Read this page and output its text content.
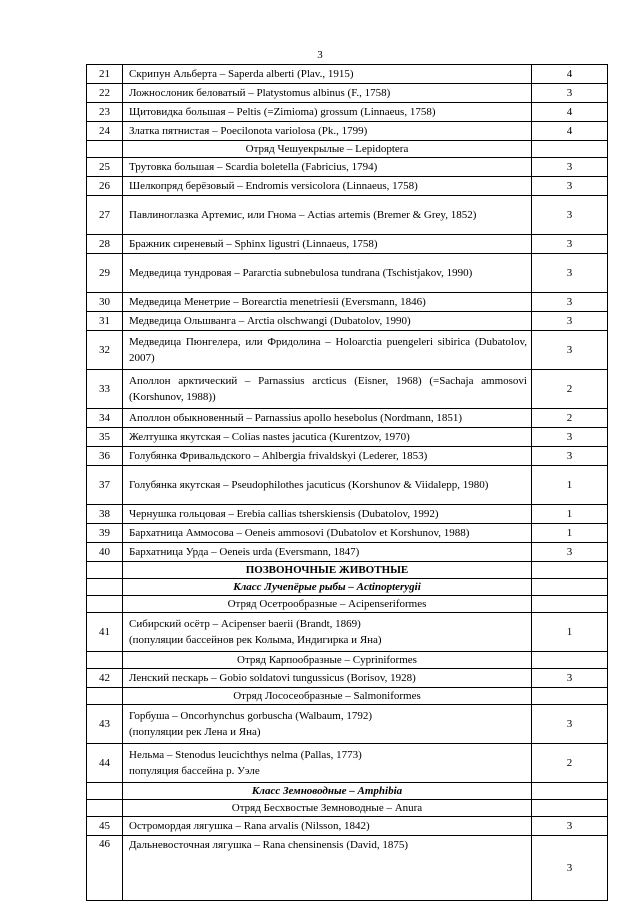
3
21	Скрипун Альберта – Saperda alberti (Plav., 1915)	4
22	Ложнослоник беловатый – Platystomus albinus (F., 1758)	3
23	Щитовидка большая – Peltis (=Zimioma) grossum (Linnaeus, 1758)	4
24	Златка пятнистая – Poecilonota variolosa (Pk., 1799)	4
	Отряд Чешуекрылые – Lepidoptera	
25	Трутовка большая – Scardia boletella (Fabricius, 1794)	3
26	Шелкопряд берёзовый – Endromis versicolora (Linnaeus, 1758)	3
27	Павлиноглазка Артемис, или Гнома – Actias artemis (Bremer & Grey, 1852)	3
28	Бражник сиреневый – Sphinx ligustri (Linnaeus, 1758)	3
29	Медведица тундровая – Pararctia subnebulosa tundrana (Tschistjakov, 1990)	3
30	Медведица Менетрие – Borearctia menetriesii (Eversmann, 1846)	3
31	Медведица Ольшванга – Arctia olschwangi (Dubatolov, 1990)	3
32	Медведица Пюнгелера, или Фридолина – Holoarctia puengeleri sibirica (Dubatolov, 2007)	3
33	Аполлон арктический – Parnassius arcticus (Eisner, 1968) (=Sachaja ammosovi (Korshunov, 1988))	2
34	Аполлон обыкновенный – Parnassius apollo hesebolus (Nordmann, 1851)	2
35	Желтушка якутская – Colias nastes jacutica (Kurentzov, 1970)	3
36	Голубянка Фривальдского – Ahlbergia frivaldskyi (Lederer, 1853)	3
37	Голубянка якутская – Pseudophilothes jacuticus (Korshunov & Viidalepp, 1980)	1
38	Чернушка гольцовая – Erebia callias tsherskiensis (Dubatolov, 1992)	1
39	Бархатница Аммосова – Oeneis ammosovi (Dubatolov et Korshunov, 1988)	1
40	Бархатница Урда – Oeneis urda (Eversmann, 1847)	3
	ПОЗВОНОЧНЫЕ ЖИВОТНЫЕ	
	Класс Лучепёрые рыбы – Actinopterygii	
	Отряд Осетрообразные – Acipenseriformes	
41	Сибирский осётр – Acipenser baerii (Brandt, 1869)
(популяции бассейнов рек Колыма, Индигирка и Яна)	1
	Отряд Карпообразные – Cypriniformes	
42	Ленский пескарь – Gobio soldatovi tungussicus (Borisov, 1928)	3
	Отряд Лососеобразные – Salmoniformes	
43	Горбуша – Oncorhynchus gorbuscha (Walbaum, 1792)
(популяции рек Лена и Яна)	3
44	Нельма – Stenodus leucichthys nelma (Pallas, 1773)
популяция бассейна р. Уэле	2
	Класс Земноводные – Amphibia	
	Отряд Бесхвостые Земноводные – Anura	
45	Остромордая лягушка – Rana arvalis (Nilsson, 1842)	3
46	Дальневосточная лягушка – Rana chensinensis (David, 1875)	3
